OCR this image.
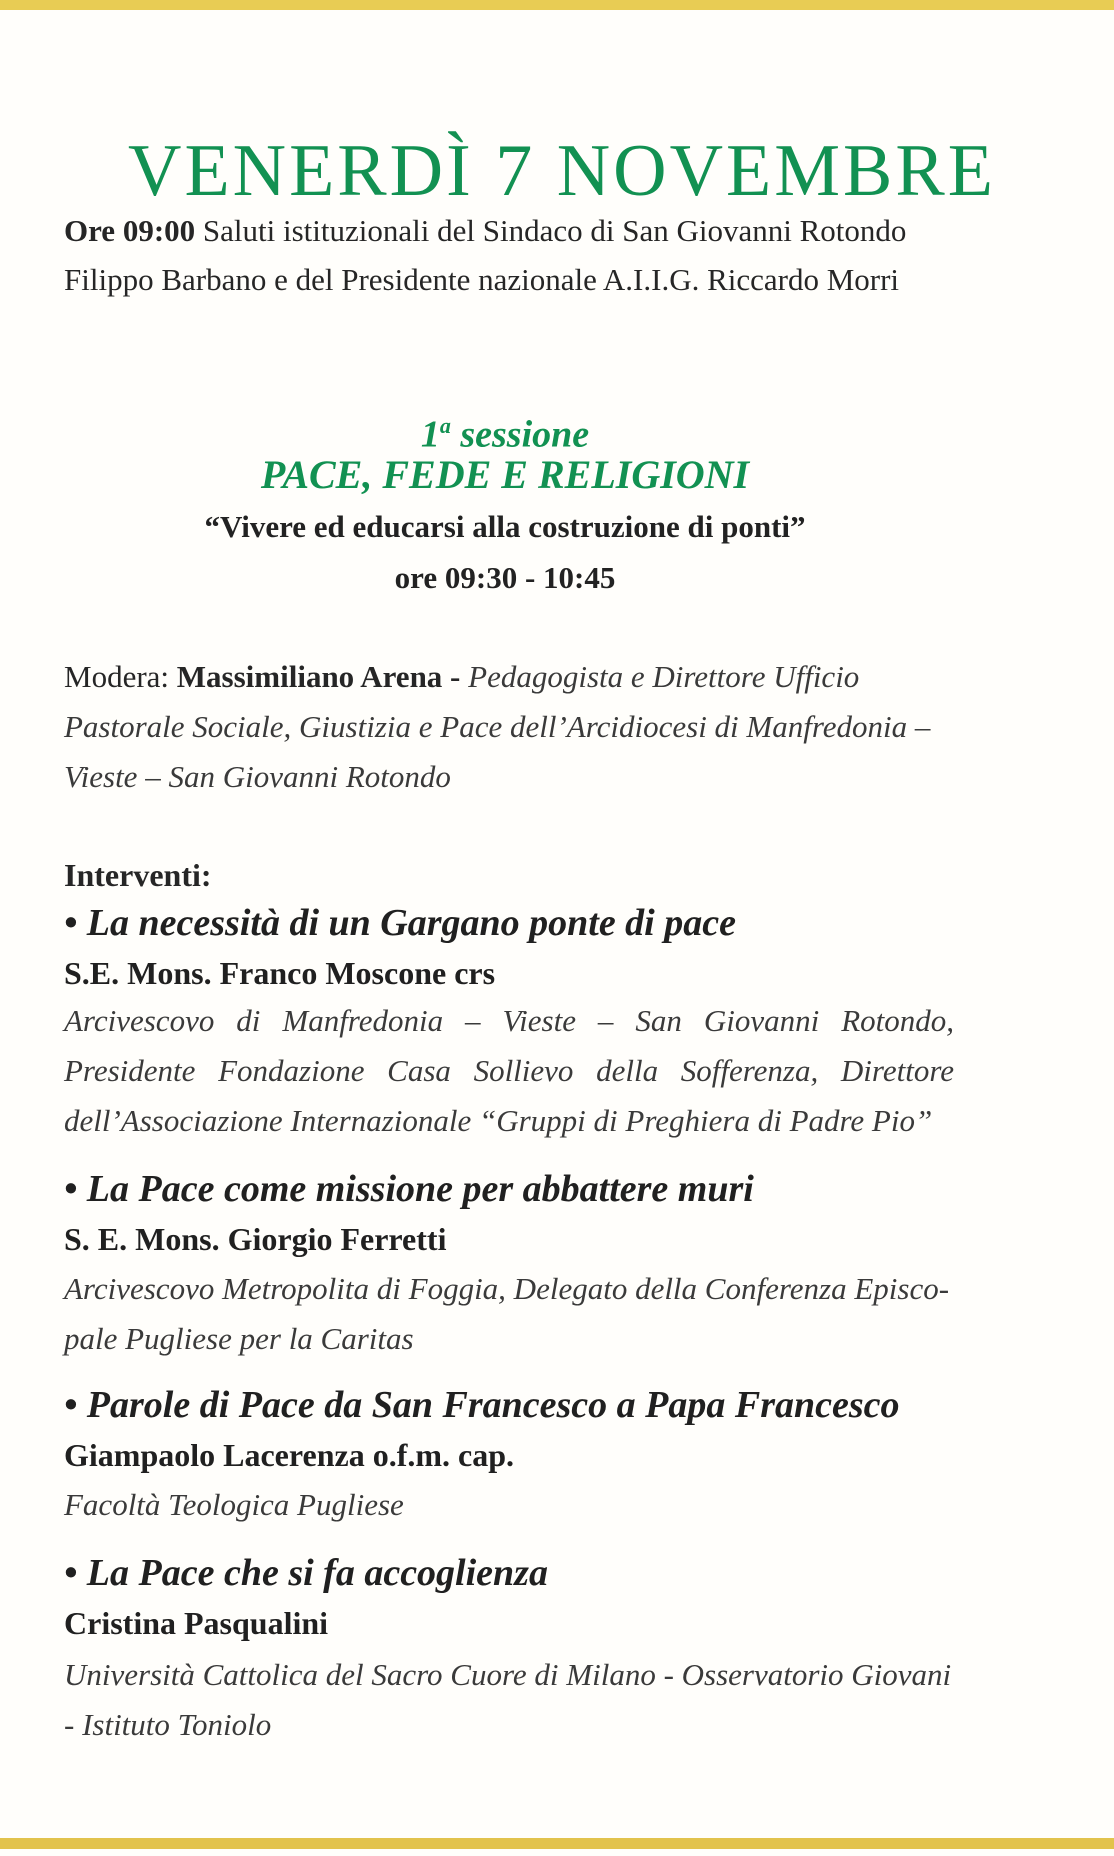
VENERDÌ 7 NOVEMBRE
Ore 09:00 Saluti istituzionali del Sindaco di San Giovanni Rotondo Filippo Barbano e del Presidente nazionale A.I.I.G. Riccardo Morri
1$^a$ sessione
PACE, FEDE E RELIGIONI
“Vivere ed educarsi alla costruzione di ponti”
ore 09:30 - 10:45
Modera: Massimiliano Arena - Pedagogista e Direttore Ufficio Pastorale Sociale, Giustizia e Pace dell’Arcidiocesi di Manfredonia – Vieste – San Giovanni Rotondo
Interventi:
• La necessità di un Gargano ponte di pace
S.E. Mons. Franco Moscone crs
Arcivescovo di Manfredonia – Vieste – San Giovanni Rotondo, Presidente Fondazione Casa Sollievo della Sofferenza, Direttore dell’Associazione Internazionale “Gruppi di Preghiera di Padre Pio”
• La Pace come missione per abbattere muri
S. E. Mons. Giorgio Ferretti
Arcivescovo Metropolita di Foggia, Delegato della Conferenza Episco-pale Pugliese per la Caritas
• Parole di Pace da San Francesco a Papa Francesco
Giampaolo Lacerenza o.f.m. cap.
Facoltà Teologica Pugliese
• La Pace che si fa accoglienza
Cristina Pasqualini
Università Cattolica del Sacro Cuore di Milano - Osservatorio Giovani - Istituto Toniolo
